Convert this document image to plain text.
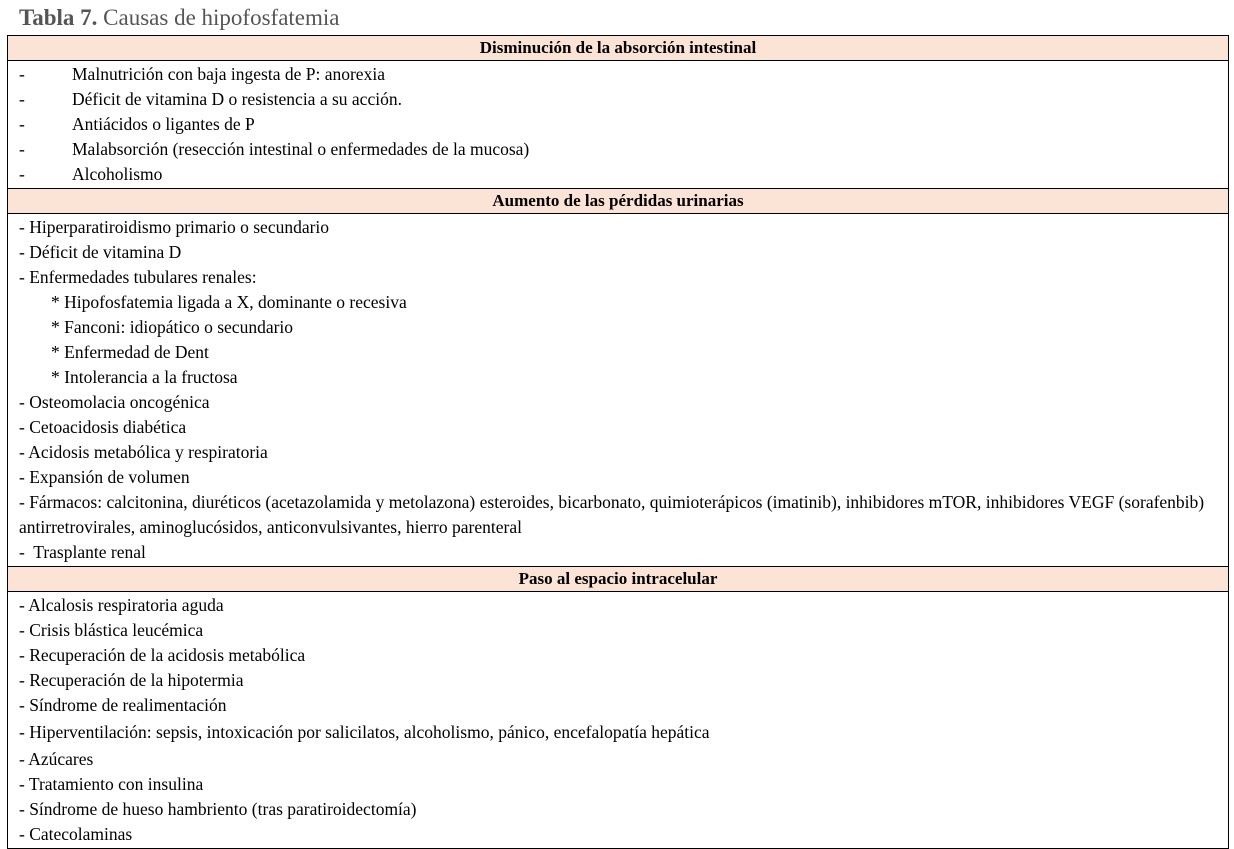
Tabla 7. Causas de hipofosfatemia
Disminución de la absorción intestinal
-	Malnutrición con baja ingesta de P: anorexia
-	Déficit de vitamina D o resistencia a su acción.
-	Antiácidos o ligantes de P
-	Malabsorción (resección intestinal o enfermedades de la mucosa)
-	Alcoholismo
Aumento de las pérdidas urinarias
- Hiperparatiroidismo primario o secundario
- Déficit de vitamina D
- Enfermedades tubulares renales:
* Hipofosfatemia ligada a X, dominante o recesiva
* Fanconi: idiopático o secundario
* Enfermedad de Dent
* Intolerancia a la fructosa
- Osteomolacia oncogénica
- Cetoacidosis diabética
- Acidosis metabólica y respiratoria
- Expansión de volumen
- Fármacos: calcitonina, diuréticos (acetazolamida y metolazona) esteroides, bicarbonato, quimioterápicos (imatinib), inhibidores mTOR, inhibidores VEGF (sorafenbib) antirretrovirales, aminoglucósidos, anticonvulsivantes, hierro parenteral
-  Trasplante renal
Paso al espacio intracelular
- Alcalosis respiratoria aguda
- Crisis blástica leucémica
- Recuperación de la acidosis metabólica
- Recuperación de la hipotermia
- Síndrome de realimentación
- Hiperventilación: sepsis, intoxicación por salicilatos, alcoholismo, pánico, encefalopatía hepática
- Azúcares
- Tratamiento con insulina
- Síndrome de hueso hambriento (tras paratiroidectomía)
- Catecolaminas
